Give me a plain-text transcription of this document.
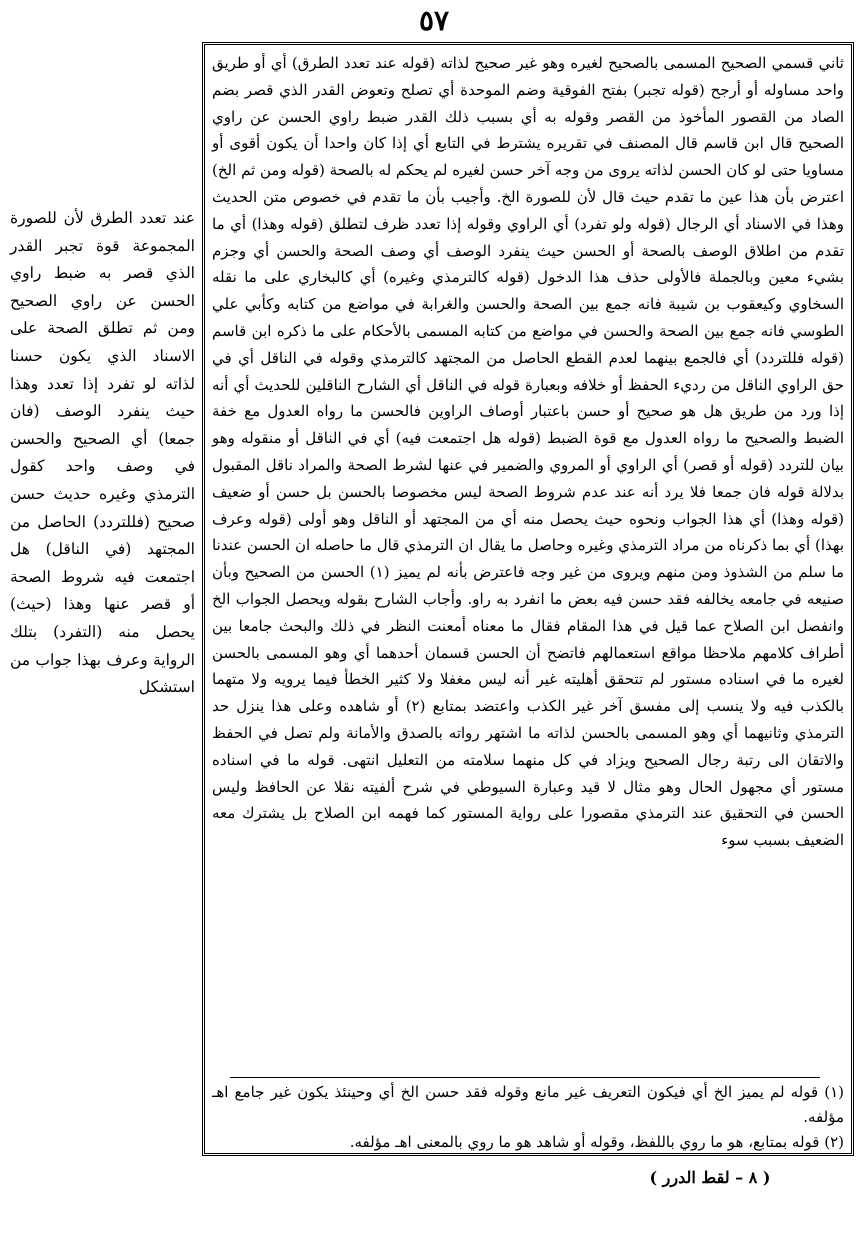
٥٧

ثاني قسمي الصحيح المسمى بالصحيح لغيره وهو غير صحيح لذاته (قوله عند تعدد الطرق) أي أو طريق واحد مساوله أو أرجح (قوله تجبر) بفتح الفوقية وضم الموحدة أي تصلح وتعوض القدر الذي قصر بضم الصاد من القصور المأخوذ من القصر وقوله به أي بسبب ذلك القدر ضبط راوي الحسن عن راوي الصحيح قال ابن قاسم قال المصنف في تقريره يشترط في التابع أي إذا كان واحدا أن يكون أقوى أو مساويا حتى لو كان الحسن لذاته يروى من وجه آخر حسن لغيره لم يحكم له بالصحة (قوله ومن ثم الخ) اعترض بأن هذا عين ما تقدم حيث قال لأن للصورة الخ. وأجيب بأن ما تقدم في خصوص متن الحديث وهذا في الاسناد أي الرجال (قوله ولو تفرد) أي الراوي وقوله إذا تعدد ظرف لتطلق (قوله وهذا) أي ما تقدم من اطلاق الوصف بالصحة أو الحسن حيث ينفرد الوصف أي وصف الصحة والحسن أي وجزم بشيء معين وبالجملة فالأولى حذف هذا الدخول (قوله كالترمذي وغيره) أي كالبخاري على ما نقله السخاوي وكيعقوب بن شيبة فانه جمع بين الصحة والحسن والغرابة في مواضع من كتابه وكأبي علي الطوسي فانه جمع بين الصحة والحسن في مواضع من كتابه المسمى بالأحكام على ما ذكره ابن قاسم (قوله فللتردد) أي فالجمع بينهما لعدم القطع الحاصل من المجتهد كالترمذي وقوله في الناقل أي في حق الراوي الناقل من رديء الحفظ أو خلافه وبعبارة قوله في الناقل أي الشارح الناقلين للحديث أي أنه إذا ورد من طريق هل هو صحيح أو حسن باعتبار أوصاف الراوين فالحسن ما رواه العدول مع خفة الضبط والصحيح ما رواه العدول مع قوة الضبط (قوله هل اجتمعت فيه) أي في الناقل أو منقوله وهو بيان للتردد (قوله أو قصر) أي الراوي أو المروي والضمير في عنها لشرط الصحة والمراد ناقل المقبول بدلالة قوله فان جمعا فلا يرد أنه عند عدم شروط الصحة ليس مخصوصا بالحسن بل حسن أو ضعيف (قوله وهذا) أي هذا الجواب ونحوه حيث يحصل منه أي من المجتهد أو الناقل وهو أولى (قوله وعرف بهذا) أي بما ذكرناه من مراد الترمذي وغيره وحاصل ما يقال ان الترمذي قال ما حاصله ان الحسن عندنا ما سلم من الشذوذ ومن منهم ويروى من غير وجه فاعترض بأنه لم يميز (١) الحسن من الصحيح وبأن صنيعه في جامعه يخالفه فقد حسن فيه بعض ما انفرد به راو. وأجاب الشارح بقوله ويحصل الجواب الخ وانفصل ابن الصلاح عما قيل في هذا المقام فقال ما معناه أمعنت النظر في ذلك والبحث جامعا بين أطراف كلامهم ملاحظا مواقع استعمالهم فاتضح أن الحسن قسمان أحدهما أي وهو المسمى بالحسن لغيره ما في اسناده مستور لم تتحقق أهليته غير أنه ليس مغفلا ولا كثير الخطأ فيما يرويه ولا متهما بالكذب فيه ولا ينسب إلى مفسق آخر غير الكذب واعتضد بمتابع (٢) أو شاهده وعلى هذا ينزل حد الترمذي وثانيهما أي وهو المسمى بالحسن لذاته ما اشتهر رواته بالصدق والأمانة ولم تصل في الحفظ والاتقان الى رتبة رجال الصحيح ويزاد في كل منهما سلامته من التعليل انتهى. قوله ما في اسناده مستور أي مجهول الحال وهو مثال لا قيد وعبارة السيوطي في شرح ألفيته نقلا عن الحافظ وليس الحسن في التحقيق عند الترمذي مقصورا على رواية المستور كما فهمه ابن الصلاح بل يشترك معه الضعيف بسبب سوء

(١) قوله لم يميز الخ أي فيكون التعريف غير مانع وقوله فقد حسن الخ أي وحينئذ يكون غير جامع اهـ مؤلفه.

(٢) قوله بمتابع، هو ما روي باللفظ، وقوله أو شاهد هو ما روي بالمعنى اهـ مؤلفه.

عند تعدد الطرق لأن للصورة المجموعة قوة تجبر القدر الذي قصر به ضبط راوي الحسن عن راوي الصحيح ومن ثم تطلق الصحة على الاسناد الذي يكون حسنا لذاته لو تفرد إذا تعدد وهذا حيث ينفرد الوصف (فان جمعا) أي الصحيح والحسن في وصف واحد كقول الترمذي وغيره حديث حسن صحيح (فللتردد) الحاصل من المجتهد (في الناقل) هل اجتمعت فيه شروط الصحة أو قصر عنها وهذا (حيث) يحصل منه (التفرد) بتلك الرواية وعرف بهذا جواب من استشكل

( ٨ – لقط الدرر )
